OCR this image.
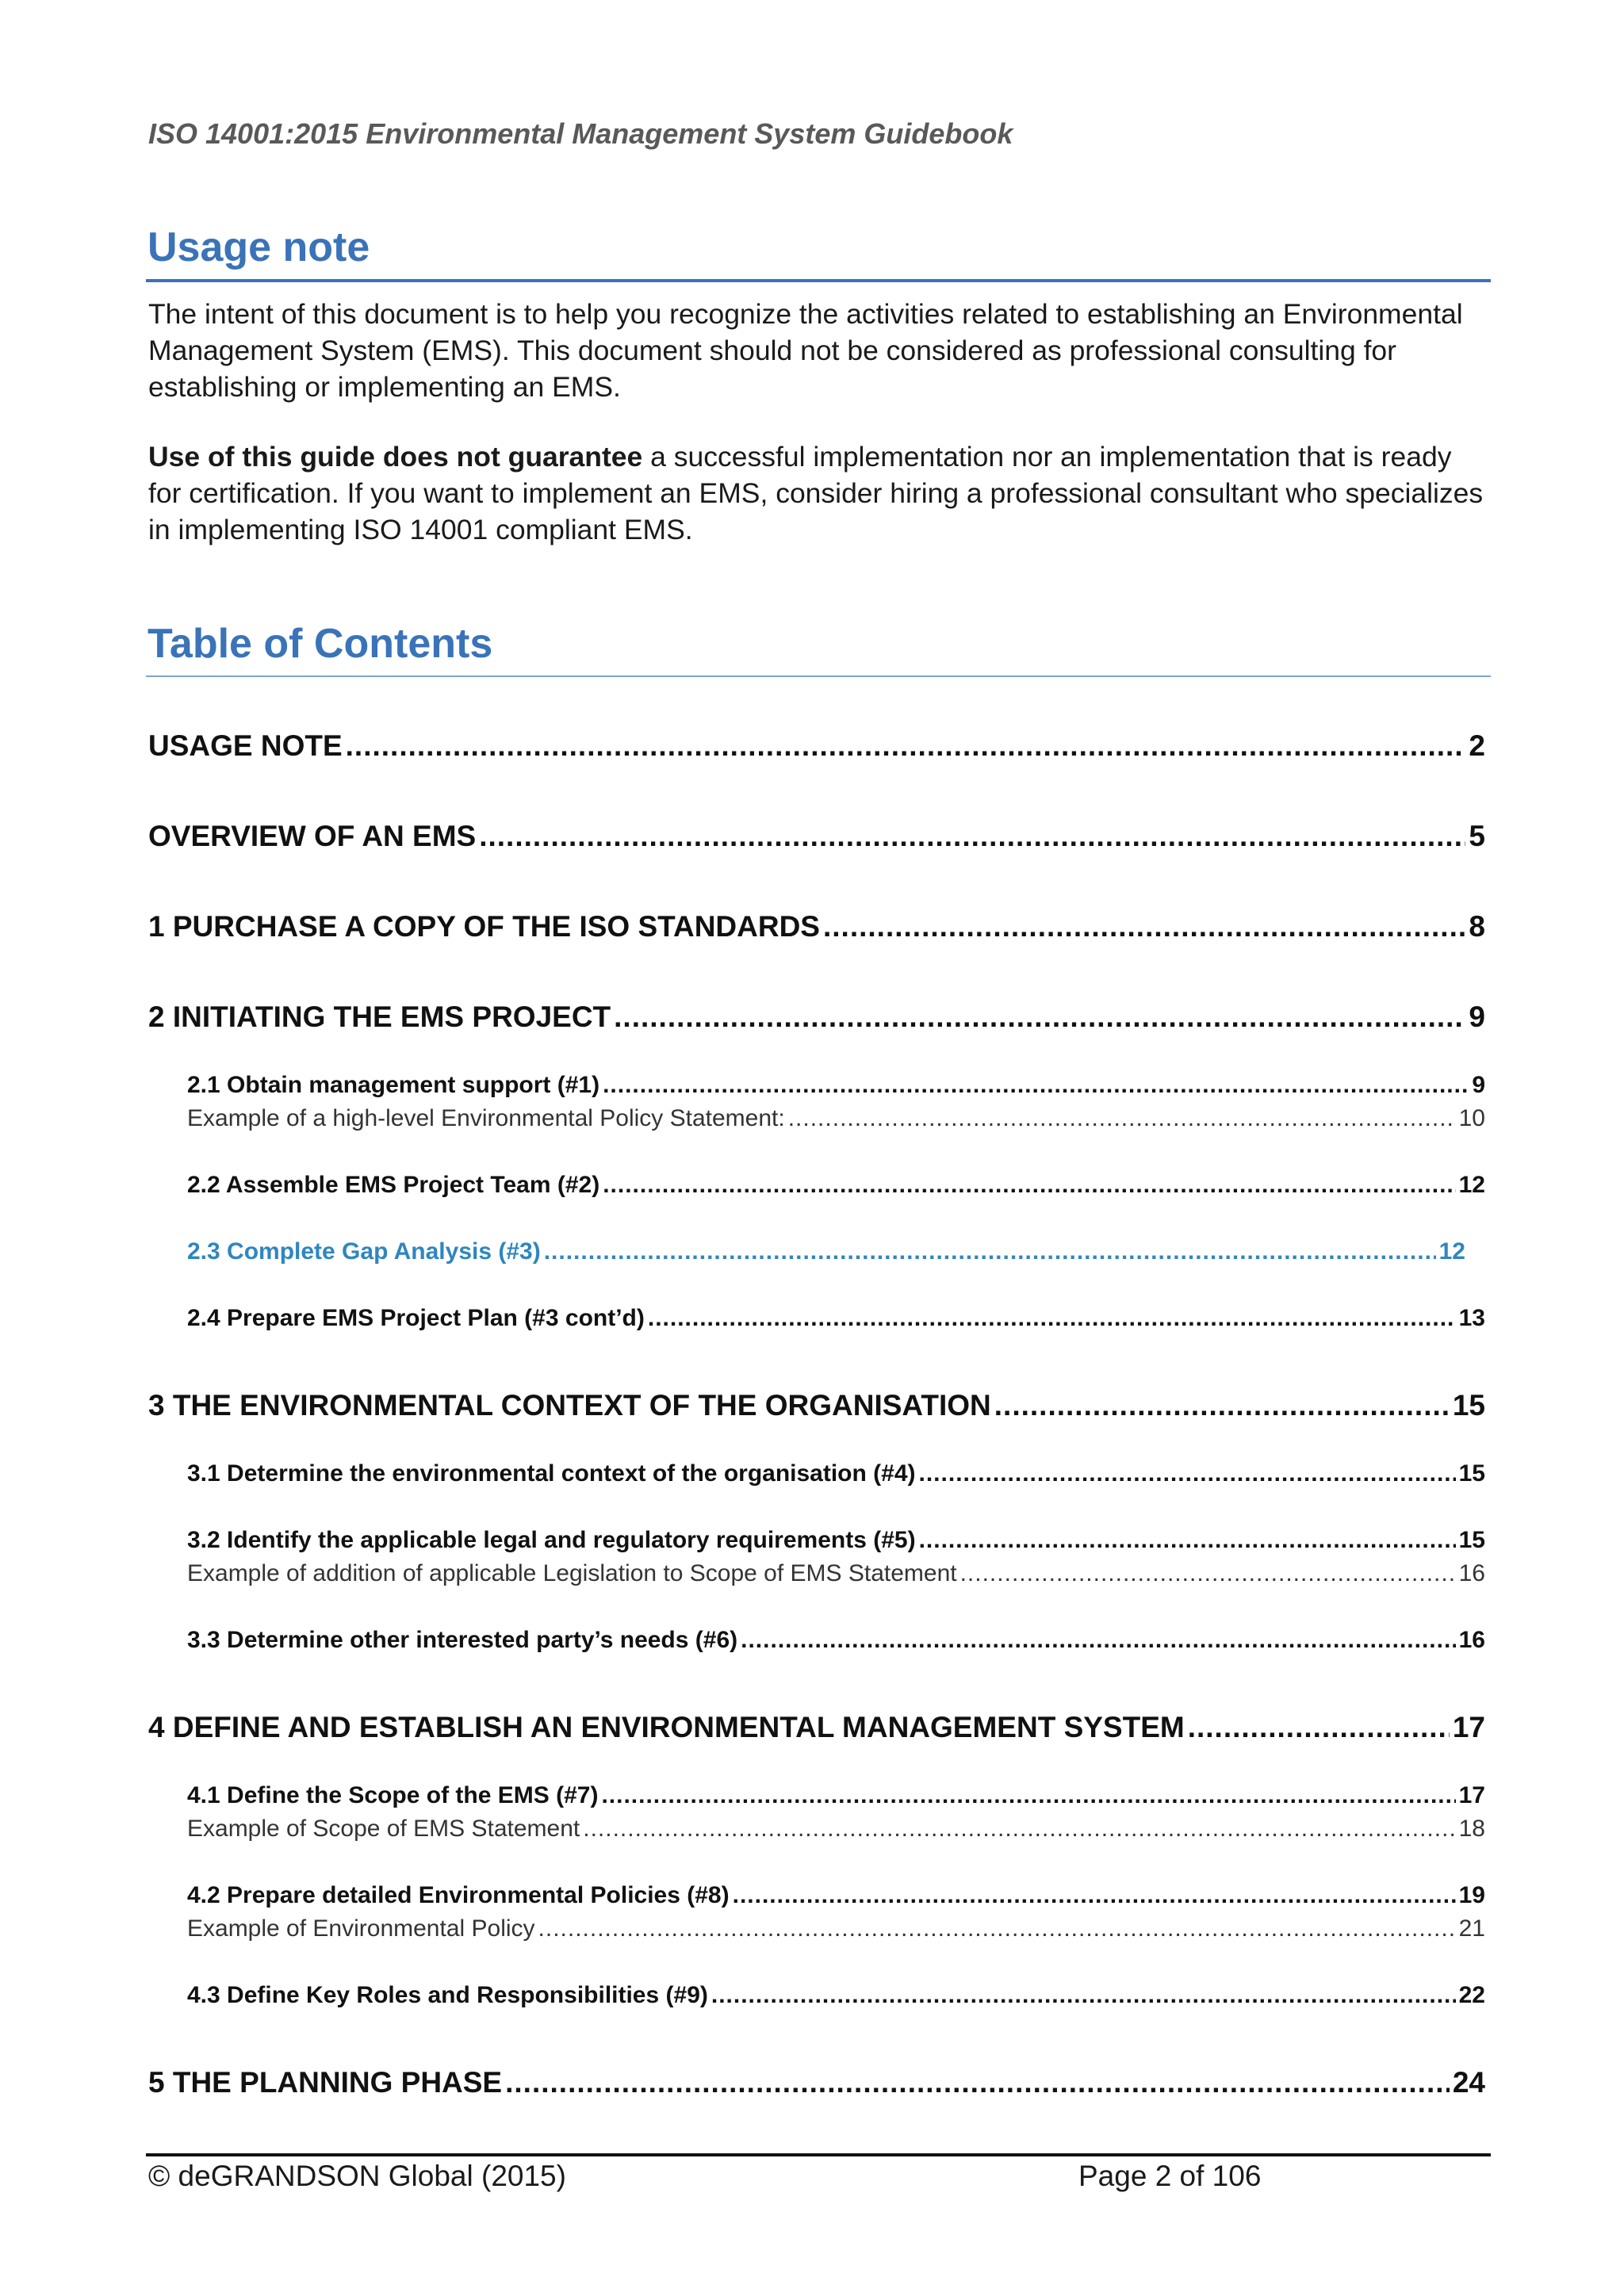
ISO 14001:2015 Environmental Management System Guidebook
Usage note

The intent of this document is to help you recognize the activities related to establishing an Environmental Management System (EMS). This document should not be considered as professional consulting for establishing or implementing an EMS.

Use of this guide does not guarantee a successful implementation nor an implementation that is ready for certification. If you want to implement an EMS, consider hiring a professional consultant who specializes in implementing ISO 14001 compliant EMS.

Table of Contents
USAGE NOTE .....	2
OVERVIEW OF AN EMS .....	5
1 PURCHASE A COPY OF THE ISO STANDARDS .....	8
2 INITIATING THE EMS PROJECT .....	9
2.1 Obtain management support (#1) .....	9
Example of a high-level Environmental Policy Statement: .....	10
2.2 Assemble EMS Project Team (#2) .....	12
2.3 Complete Gap Analysis (#3) .....	12
2.4 Prepare EMS Project Plan (#3 cont’d) .....	13
3 THE ENVIRONMENTAL CONTEXT OF THE ORGANISATION .....	15
3.1 Determine the environmental context of the organisation (#4) .....	15
3.2 Identify the applicable legal and regulatory requirements (#5) .....	15
Example of addition of applicable Legislation to Scope of EMS Statement .....	16
3.3 Determine other interested party’s needs (#6) .....	16
4 DEFINE AND ESTABLISH AN ENVIRONMENTAL MANAGEMENT SYSTEM .....	17
4.1 Define the Scope of the EMS (#7) .....	17
Example of Scope of EMS Statement .....	18
4.2 Prepare detailed Environmental Policies (#8) .....	19
Example of Environmental Policy .....	21
4.3 Define Key Roles and Responsibilities (#9) .....	22
5 THE PLANNING PHASE .....	24
© deGRANDSON Global (2015)	Page 2 of 106
